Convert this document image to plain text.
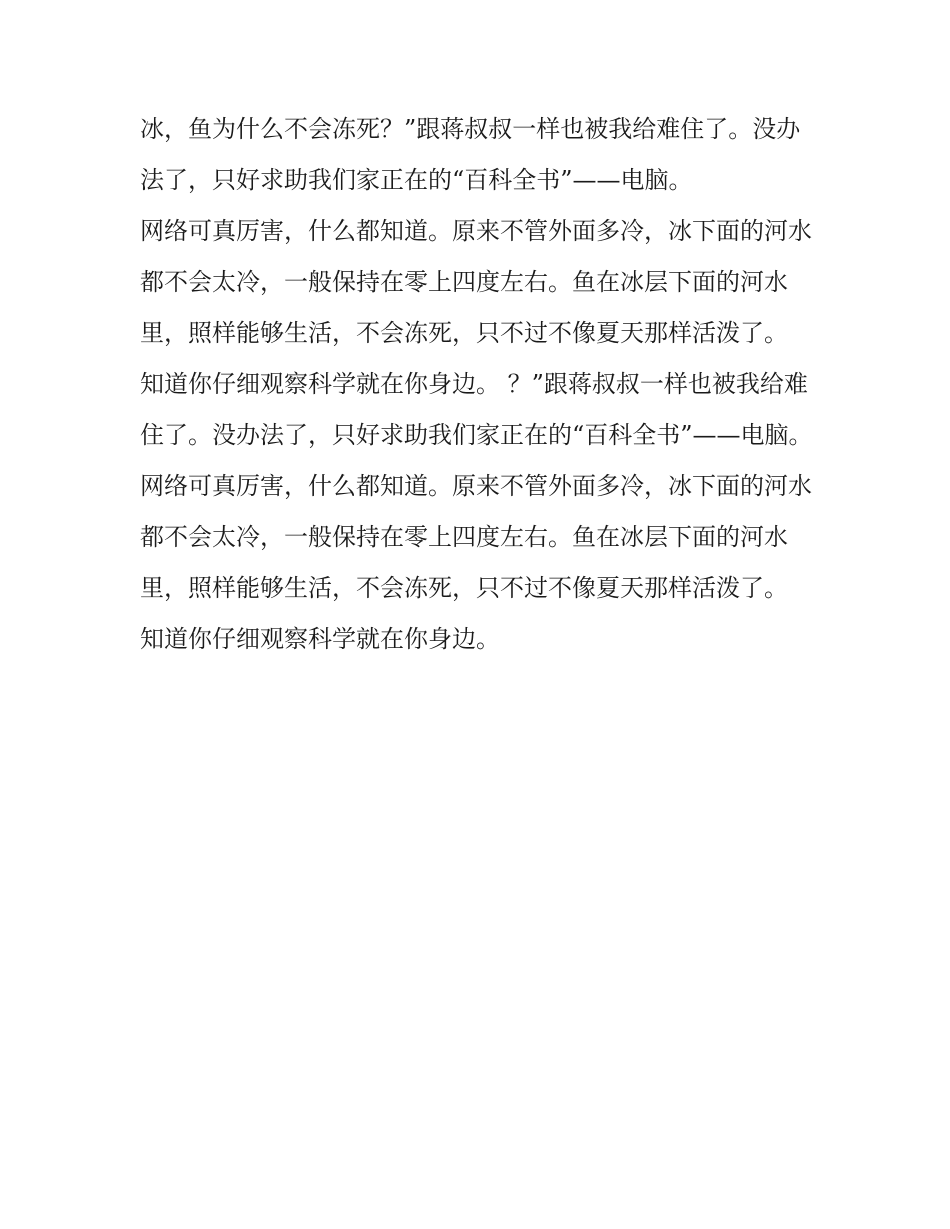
冰，鱼为什么不会冻死？”跟蒋叔叔一样也被我给难住了。没办法了，只好求助我们家正在的“百科全书”——电脑。

网络可真厉害，什么都知道。原来不管外面多冷，冰下面的河水都不会太冷，一般保持在零上四度左右。鱼在冰层下面的河水里，照样能够生活，不会冻死，只不过不像夏天那样活泼了。

知道你仔细观察科学就在你身边。 ？”跟蒋叔叔一样也被我给难住了。没办法了，只好求助我们家正在的“百科全书”——电脑。

网络可真厉害，什么都知道。原来不管外面多冷，冰下面的河水都不会太冷，一般保持在零上四度左右。鱼在冰层下面的河水里，照样能够生活，不会冻死，只不过不像夏天那样活泼了。

知道你仔细观察科学就在你身边。
